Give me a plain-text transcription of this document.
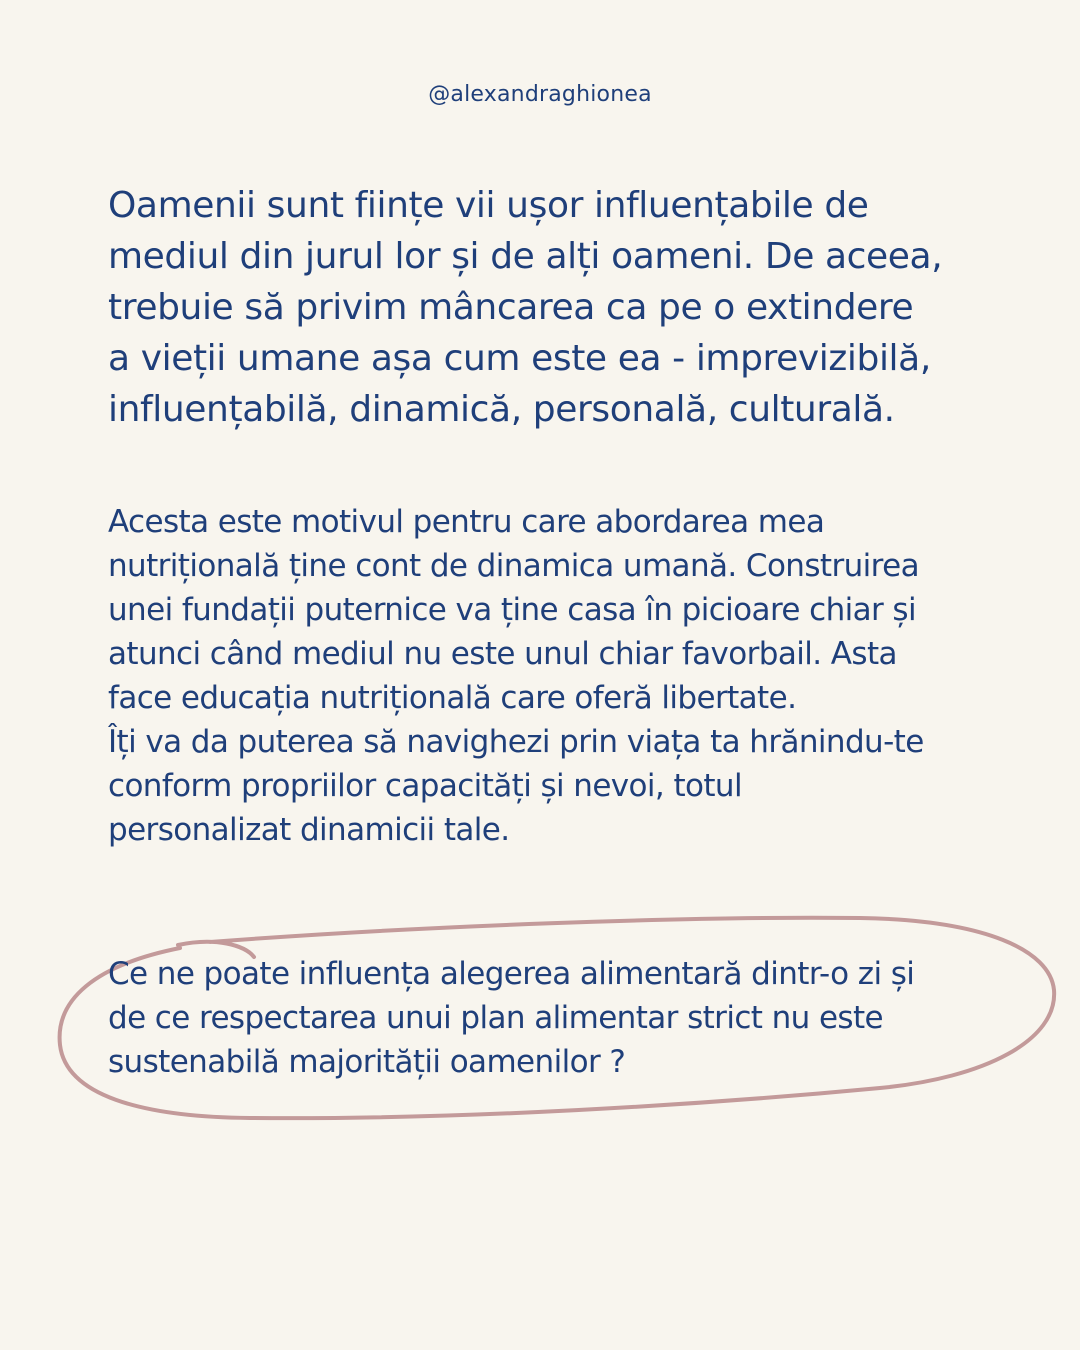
@alexandraghionea
Oamenii sunt ființe vii ușor influențabile de
mediul din jurul lor și de alți oameni. De aceea,
trebuie să privim mâncarea ca pe o extindere
a vieții umane așa cum este ea - imprevizibilă,
influențabilă, dinamică, personală, culturală.
Acesta este motivul pentru care abordarea mea
nutrițională ține cont de dinamica umană. Construirea
unei fundații puternice va ține casa în picioare chiar și
atunci când mediul nu este unul chiar favorbail. Asta
face educația nutrițională care oferă libertate.
Îți va da puterea să navighezi prin viața ta hrănindu-te
conform propriilor capacități și nevoi, totul
personalizat dinamicii tale.
Ce ne poate influența alegerea alimentară dintr-o zi și
de ce respectarea unui plan alimentar strict nu este
sustenabilă majorității oamenilor ?
